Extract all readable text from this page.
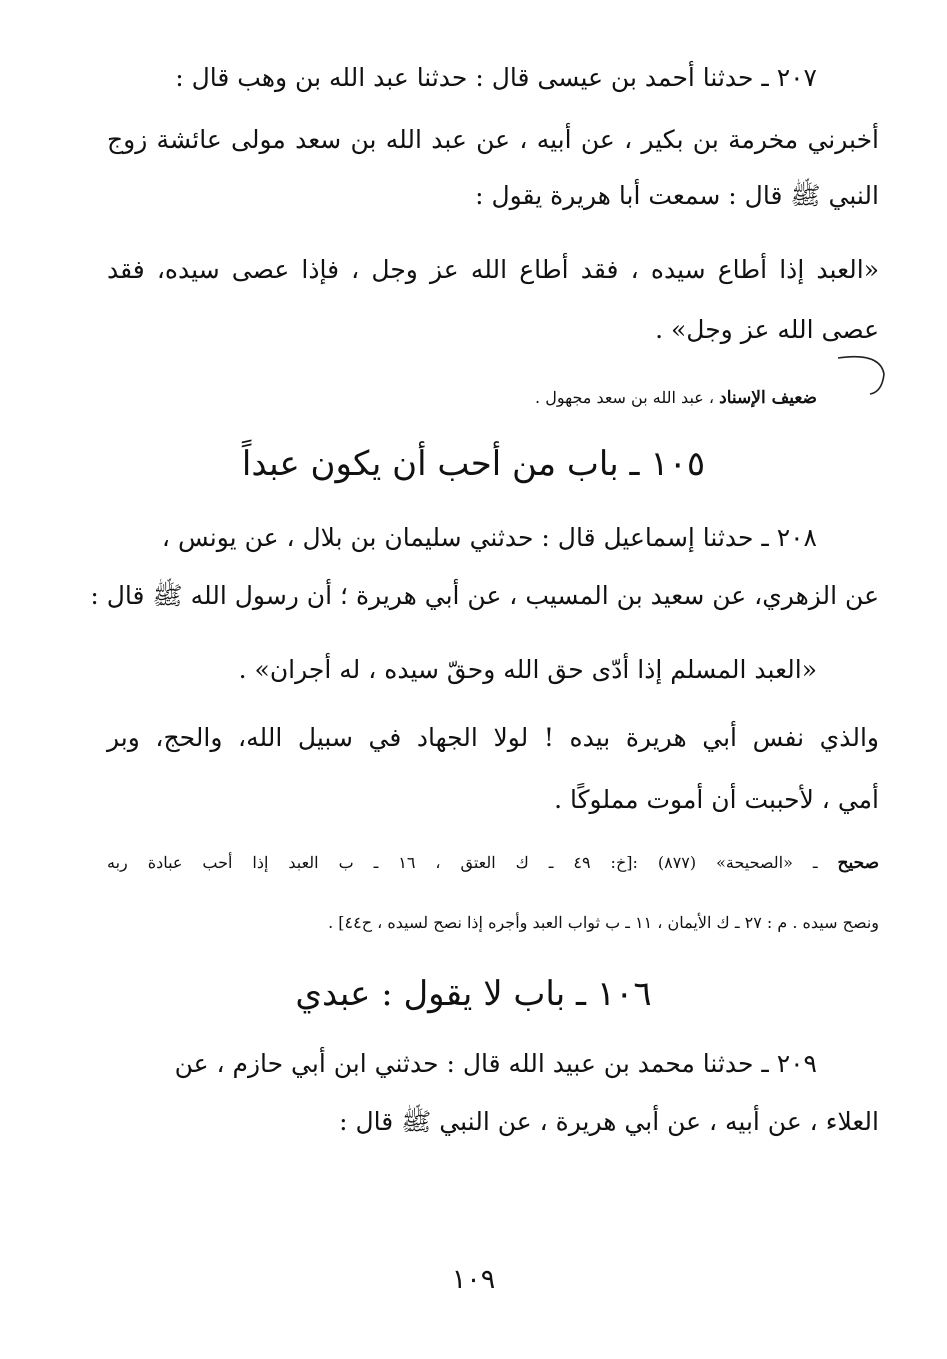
٢٠٧ ـ حدثنا أحمد بن عيسى قال : حدثنا عبد الله بن وهب قال :
أخبرني مخرمة بن بكير ، عن أبيه ، عن عبد الله بن سعد مولى عائشة زوج
النبي ﷺ قال : سمعت أبا هريرة يقول :
«العبد إذا أطاع سيده ، فقد أطاع الله عز وجل ، فإذا عصى سيده، فقد
عصى الله عز وجل» .
ضعيف الإسناد ، عبد الله بن سعد مجهول .
١٠٥ ـ باب من أحب أن يكون عبداً
٢٠٨ ـ حدثنا إسماعيل قال : حدثني سليمان بن بلال ، عن يونس ،
عن الزهري، عن سعيد بن المسيب ، عن أبي هريرة ؛ أن رسول الله ﷺ قال :
«العبد المسلم إذا أدّى حق الله وحقّ سيده ، له أجران» .
والذي نفس أبي هريرة بيده ! لولا الجهاد في سبيل الله، والحج، وبر
أمي ، لأحببت أن أموت مملوكًا .
صحيح ـ «الصحيحة» (٨٧٧) :[خ: ٤٩ ـ ك العتق ، ١٦ ـ ب العبد إذا أحب عبادة ربه
ونصح سيده . م : ٢٧ ـ ك الأيمان ، ١١ ـ ب ثواب العبد وأجره إذا نصح لسيده ، ح٤٤] .
١٠٦ ـ باب لا يقول : عبدي
٢٠٩ ـ حدثنا محمد بن عبيد الله قال : حدثني ابن أبي حازم ، عن
العلاء ، عن أبيه ، عن أبي هريرة ، عن النبي ﷺ قال :
١٠٩
